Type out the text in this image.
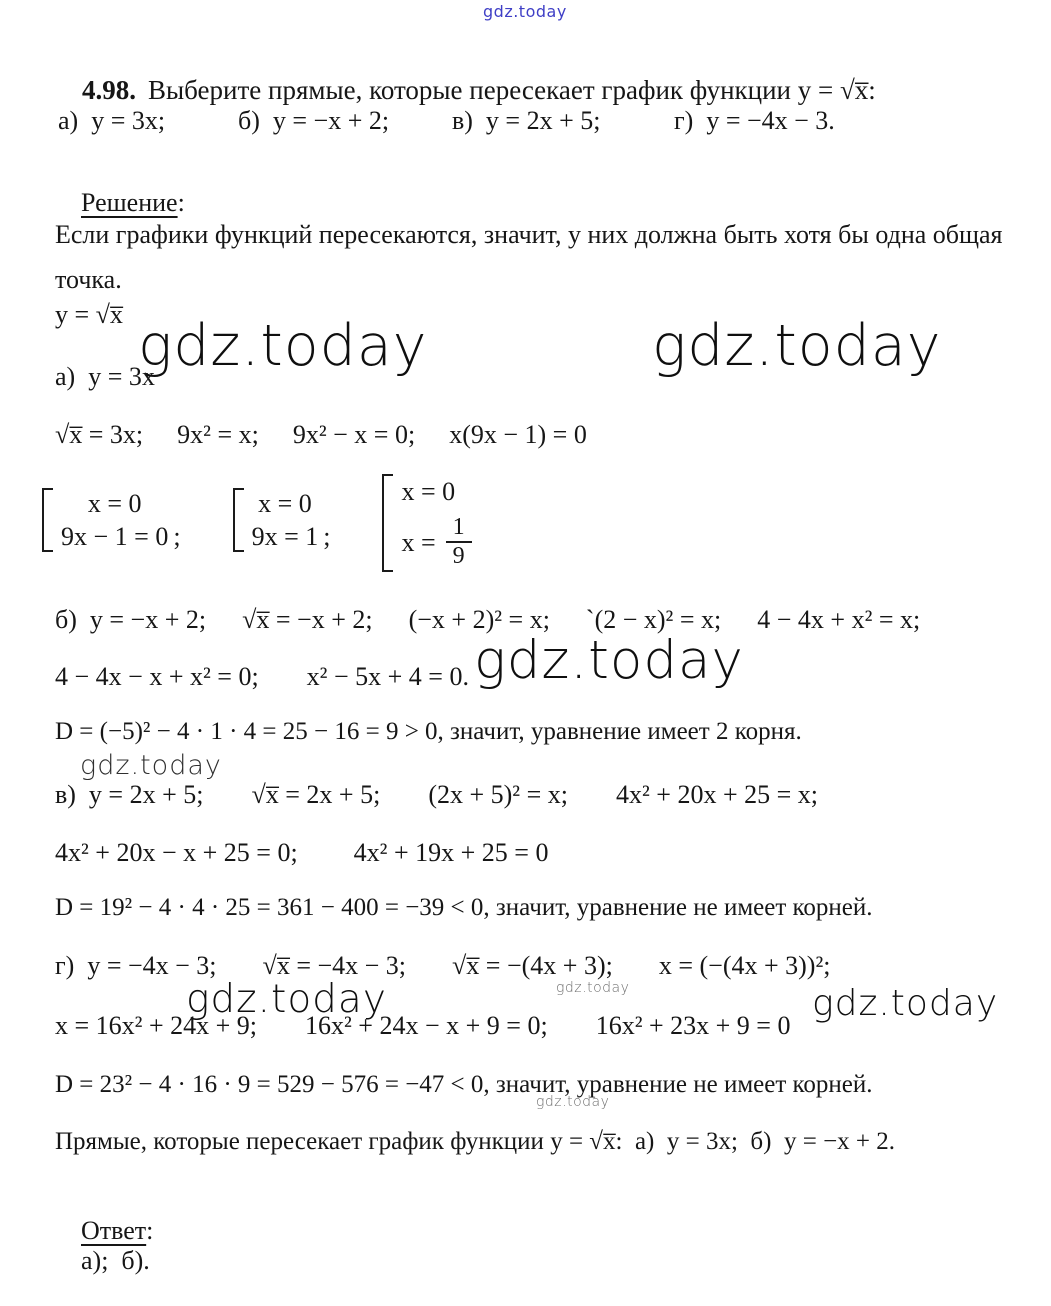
gdz.today

4.98. Выберите прямые, которые пересекает график функции y = √x̅:

а)  y = 3x;	б)  y = −x + 2; в)  y = 2x + 5;	г)  y = −4x − 3.

Решение:

Если графики функций пересекаются, значит, у них должна быть хотя бы одна общая точка.
y = √x̅ gdz.today	gdz.today
а)  y = 3x
√x̅ = 3x; 9x² = x; 9x² − x = 0; x(9x − 1) = 0
x = 0
9x − 1 = 0 ;
x = 0
9x = 1 ;
x = 0
$x = \frac{1}{9}$
б)  y = −x + 2; √x̅ = −x + 2; (−x + 2)² = x; ˋ(2 − x)² = x; 4 − 4x + x² = x;
4 − 4x − x + x² = 0; x² − 5x + 4 = 0. gdz.today
D = (−5)² − 4 · 1 · 4 = 25 − 16 = 9 > 0, значит, уравнение имеет 2 корня.
gdz.today
в)  y = 2x + 5; √x̅ = 2x + 5; (2x + 5)² = x; 4x² + 20x + 25 = x;
4x² + 20x − x + 25 = 0; 4x² + 19x + 25 = 0
D = 19² − 4 · 4 · 25 = 361 − 400 = −39 < 0, значит, уравнение не имеет корней.
г)  y = −4x − 3; √x̅ = −4x − 3; √x̅ = −(4x + 3); x = (−(4x + 3))²;
gdz.today
gdz.today	gdz.today
x = 16x² + 24x + 9; 16x² + 24x − x + 9 = 0; 16x² + 23x + 9 = 0
D = 23² − 4 · 16 · 9 = 529 − 576 = −47 < 0, значит, уравнение не имеет корней.
gdz.today
Прямые, которые пересекает график функции y = √x̅:  а)  y = 3x;  б)  y = −x + 2.

Ответ:
а);  б).
